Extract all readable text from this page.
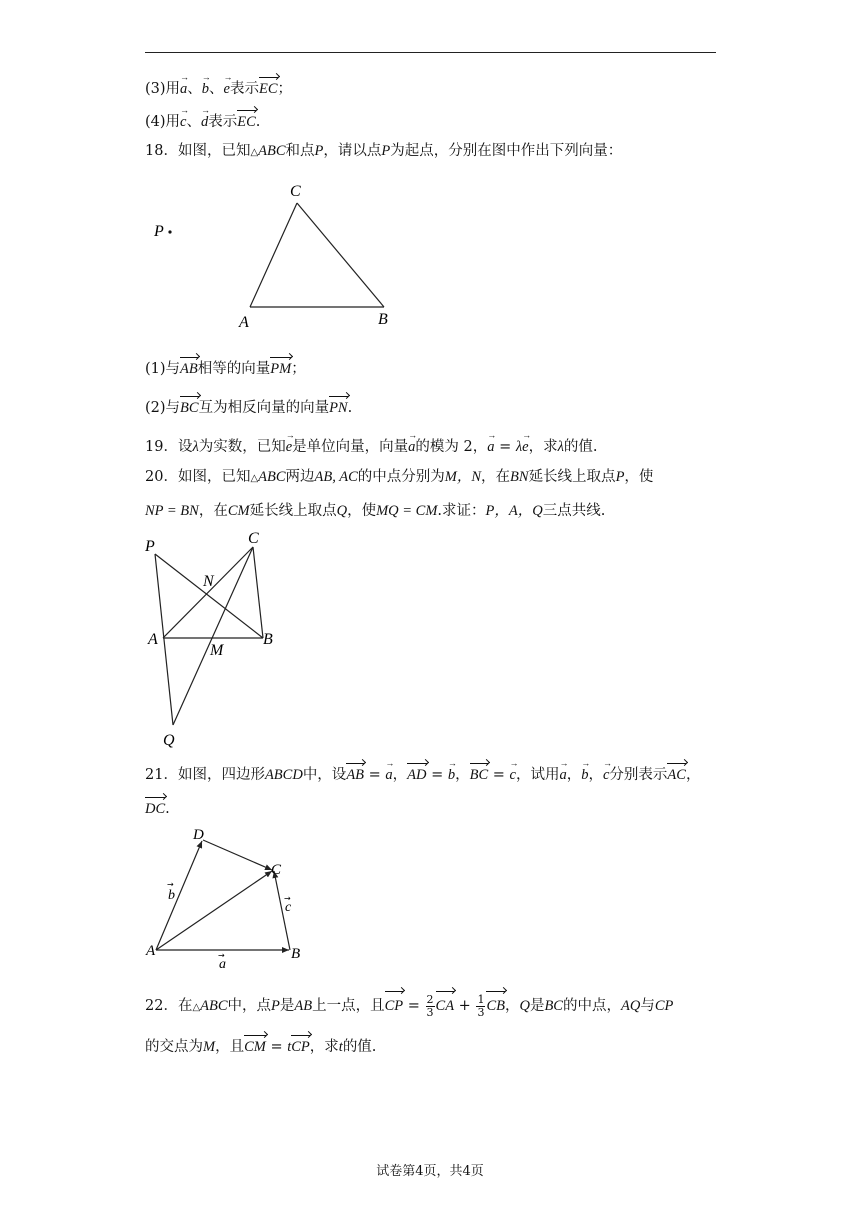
(3)用→ a、→ b、→ e表示EC；
(4)用→ c、→ d表示EC.
18．如图，已知△ABC和点P，请以点P为起点，分别在图中作出下列向量：
C
A	B
P
(1)与AB相等的向量PM；
(2)与BC互为相反向量的向量PN.
19．设λ为实数，已知→ e是单位向量，向量→ a的模为 2，→ a = λ→ e，求λ的值.
20．如图，已知△ABC两边AB, AC的中点分别为M，N，在BN延长线上取点P，使
NP = BN，在CM延长线上取点Q，使MQ = CM.求证：P，A，Q三点共线.
P	C
N
A	B
M
Q
21．如图，四边形ABCD中，设AB = → a，AD = → b，BC = → c，试用→ a，→ b，→ c分别表示AC，
DC.
D
C
A	B
b
→
c
→
a
→
22．在△ABC中，点P是AB上一点，且CP = $\frac{2}{3}$ CA + $\frac{1}{3}$ CB，Q是BC的中点，AQ与CP
的交点为M，且CM = tCP，求t的值.
试卷第4页，共4页
